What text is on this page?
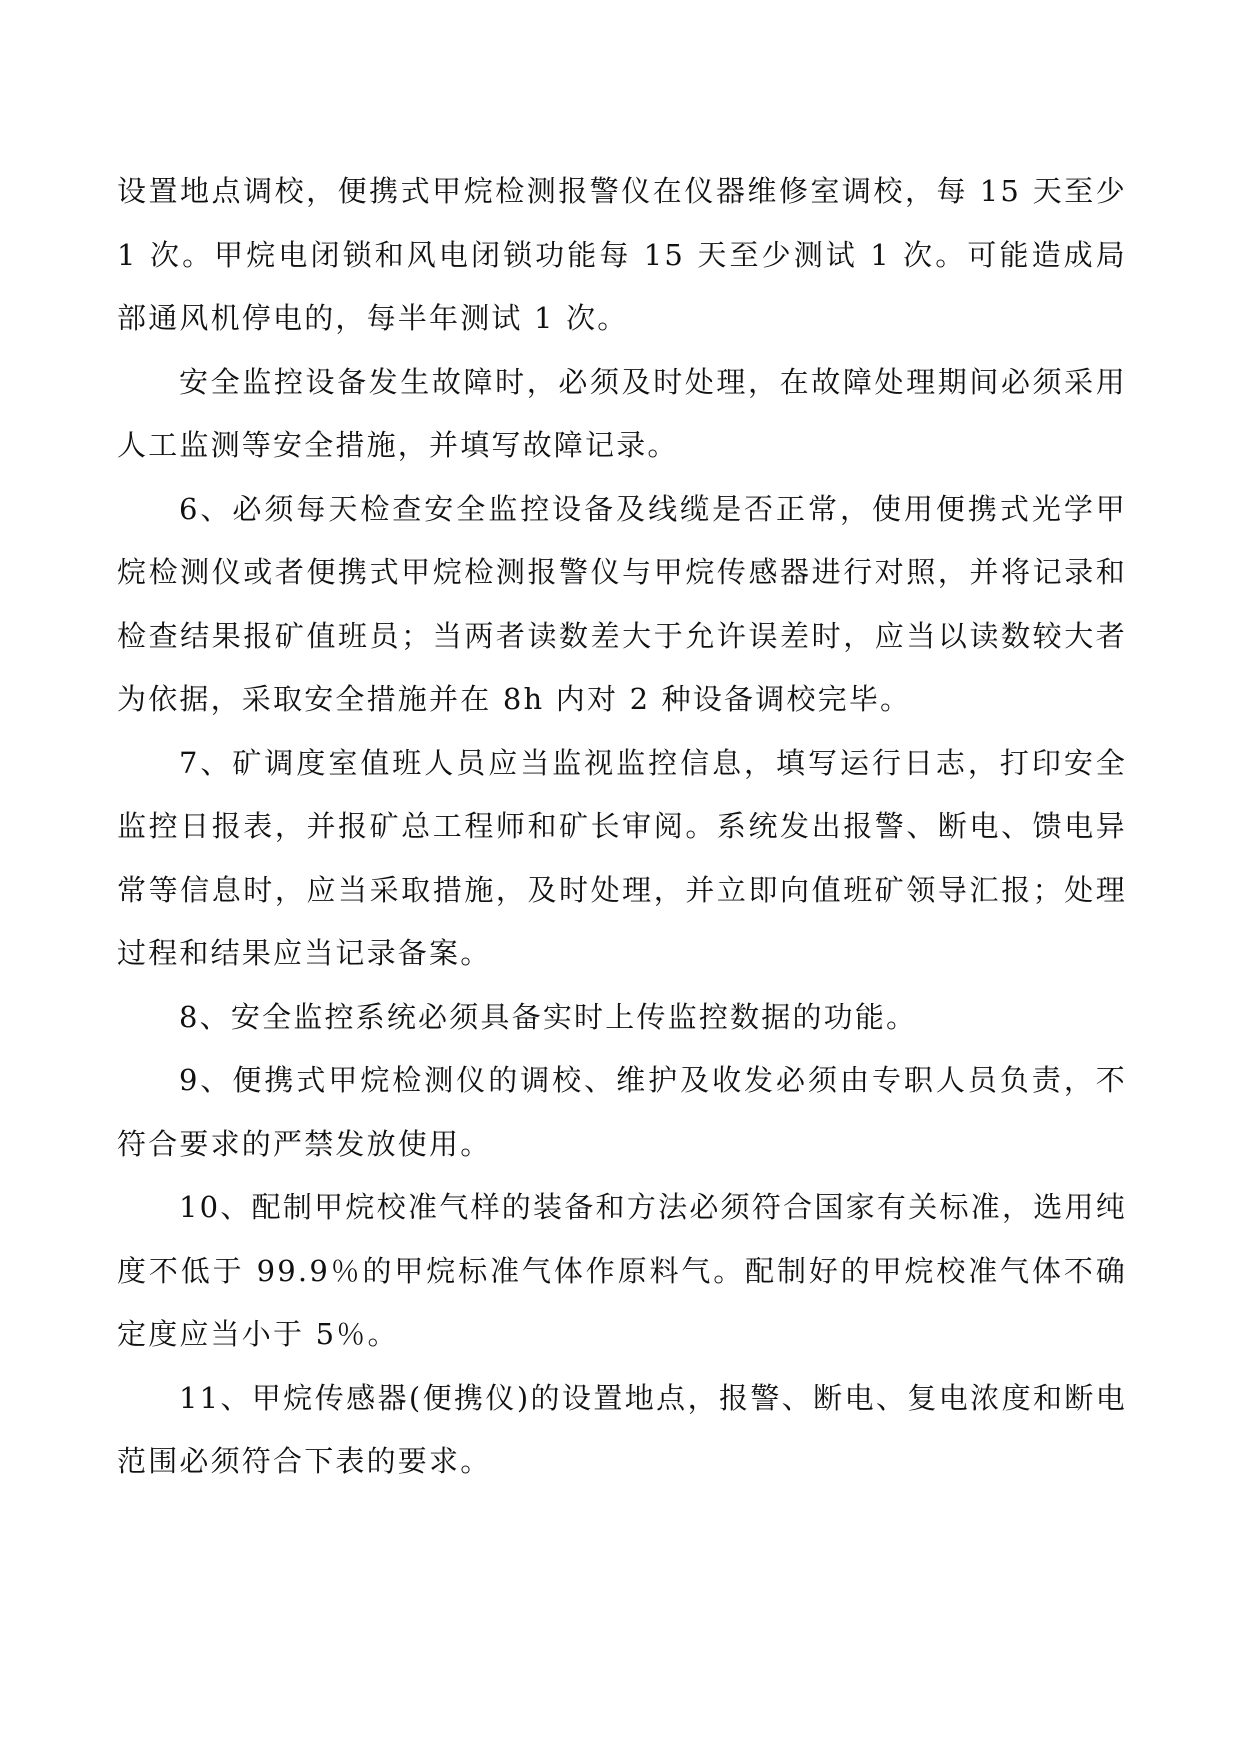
设置地点调校，便携式甲烷检测报警仪在仪器维修室调校，每 15 天至少 1 次。甲烷电闭锁和风电闭锁功能每 15 天至少测试 1 次。可能造成局部通风机停电的，每半年测试 1 次。

安全监控设备发生故障时，必须及时处理，在故障处理期间必须采用人工监测等安全措施，并填写故障记录。

6、必须每天检查安全监控设备及线缆是否正常，使用便携式光学甲烷检测仪或者便携式甲烷检测报警仪与甲烷传感器进行对照，并将记录和检查结果报矿值班员；当两者读数差大于允许误差时，应当以读数较大者为依据，采取安全措施并在 8h 内对 2 种设备调校完毕。

7、矿调度室值班人员应当监视监控信息，填写运行日志，打印安全监控日报表，并报矿总工程师和矿长审阅。系统发出报警、断电、馈电异常等信息时，应当采取措施，及时处理，并立即向值班矿领导汇报；处理过程和结果应当记录备案。

8、安全监控系统必须具备实时上传监控数据的功能。

9、便携式甲烷检测仪的调校、维护及收发必须由专职人员负责，不符合要求的严禁发放使用。

10、配制甲烷校准气样的装备和方法必须符合国家有关标准，选用纯度不低于 99.9％的甲烷标准气体作原料气。配制好的甲烷校准气体不确定度应当小于 5％。

11、甲烷传感器(便携仪)的设置地点，报警、断电、复电浓度和断电范围必须符合下表的要求。
